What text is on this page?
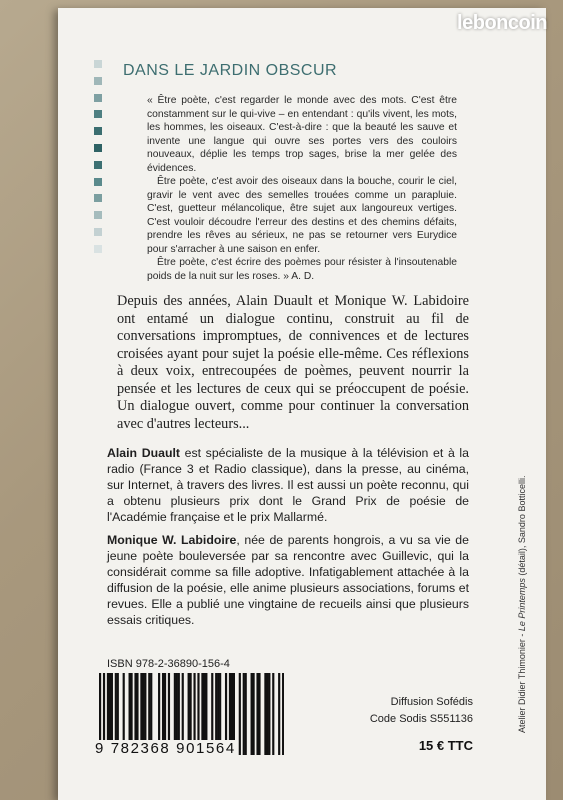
leboncoin
DANS LE JARDIN OBSCUR

« Être poète, c'est regarder le monde avec des mots. C'est être constamment sur le qui-vive – en entendant : qu'ils vivent, les mots, les hommes, les oiseaux. C'est-à-dire : que la beauté les sauve et invente une langue qui ouvre ses portes vers des couloirs nouveaux, déplie les temps trop sages, brise la mer gelée des évidences.

Être poète, c'est avoir des oiseaux dans la bouche, courir le ciel, gravir le vent avec des semelles trouées comme un parapluie. C'est, guetteur mélancolique, être sujet aux langoureux vertiges. C'est vouloir découdre l'erreur des destins et des chemins défaits, prendre les rêves au sérieux, ne pas se retourner vers Eurydice pour s'arracher à une saison en enfer.

Être poète, c'est écrire des poèmes pour résister à l'insoutenable poids de la nuit sur les roses. » A. D.

Depuis des années, Alain Duault et Monique W. Labidoire ont entamé un dialogue continu, construit au fil de conversations impromptues, de connivences et de lectures croisées ayant pour sujet la poésie elle-même. Ces réflexions à deux voix, entrecoupées de poèmes, peuvent nourrir la pensée et les lectures de ceux qui se préoccupent de poésie. Un dialogue ouvert, comme pour continuer la conversation avec d'autres lecteurs...
Alain Duault est spécialiste de la musique à la télévision et à la radio (France 3 et Radio classique), dans la presse, au cinéma, sur Internet, à travers des livres. Il est aussi un poète reconnu, qui a obtenu plusieurs prix dont le Grand Prix de poésie de l'Académie française et le prix Mallarmé.
Monique W. Labidoire, née de parents hongrois, a vu sa vie de jeune poète bouleversée par sa rencontre avec Guillevic, qui la considérait comme sa fille adoptive. Infatigablement attachée à la diffusion de la poésie, elle anime plusieurs associations, forums et revues. Elle a publié une vingtaine de recueils ainsi que plusieurs essais critiques.
ISBN 978-2-36890-156-4
9 782368 901564
Diffusion Sofédis
Code Sodis S551136
15 € TTC
Atelier Didier Thimonier - Le Printemps (détail), Sandro Botticelli.
